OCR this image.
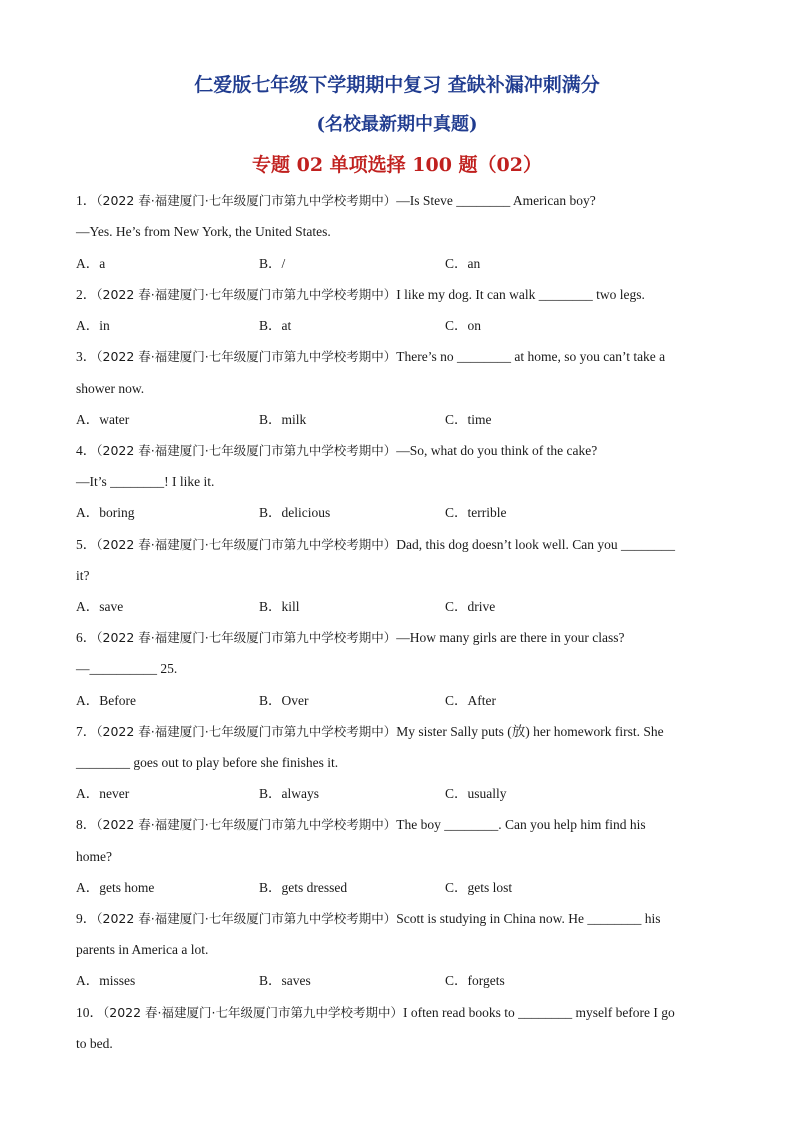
仁爱版七年级下学期期中复习 查缺补漏冲刺满分
(名校最新期中真题)
专题 02 单项选择 100 题（02）
1．（2022 春·福建厦门·七年级厦门市第九中学校考期中）—Is Steve ________ American boy?
—Yes. He’s from New York, the United States.
A．a	B．/	C．an
2．（2022 春·福建厦门·七年级厦门市第九中学校考期中）I like my dog. It can walk ________ two legs.
A．in	B．at	C．on
3．（2022 春·福建厦门·七年级厦门市第九中学校考期中）There’s no ________ at home, so you can’t take a
shower now.
A．water	B．milk	C．time
4．（2022 春·福建厦门·七年级厦门市第九中学校考期中）—So, what do you think of the cake?
—It’s ________! I like it.
A．boring	B．delicious	C．terrible
5．（2022 春·福建厦门·七年级厦门市第九中学校考期中）Dad, this dog doesn’t look well. Can you ________
it?
A．save	B．kill	C．drive
6．（2022 春·福建厦门·七年级厦门市第九中学校考期中）—How many girls are there in your class?
—__________ 25.
A．Before	B．Over	C．After
7．（2022 春·福建厦门·七年级厦门市第九中学校考期中）My sister Sally puts (放) her homework first. She
________ goes out to play before she finishes it.
A．never	B．always	C．usually
8．（2022 春·福建厦门·七年级厦门市第九中学校考期中）The boy ________. Can you help him find his
home?
A．gets home	B．gets dressed	C．gets lost
9．（2022 春·福建厦门·七年级厦门市第九中学校考期中）Scott is studying in China now. He ________ his
parents in America a lot.
A．misses	B．saves	C．forgets
10．（2022 春·福建厦门·七年级厦门市第九中学校考期中）I often read books to ________ myself before I go
to bed.
